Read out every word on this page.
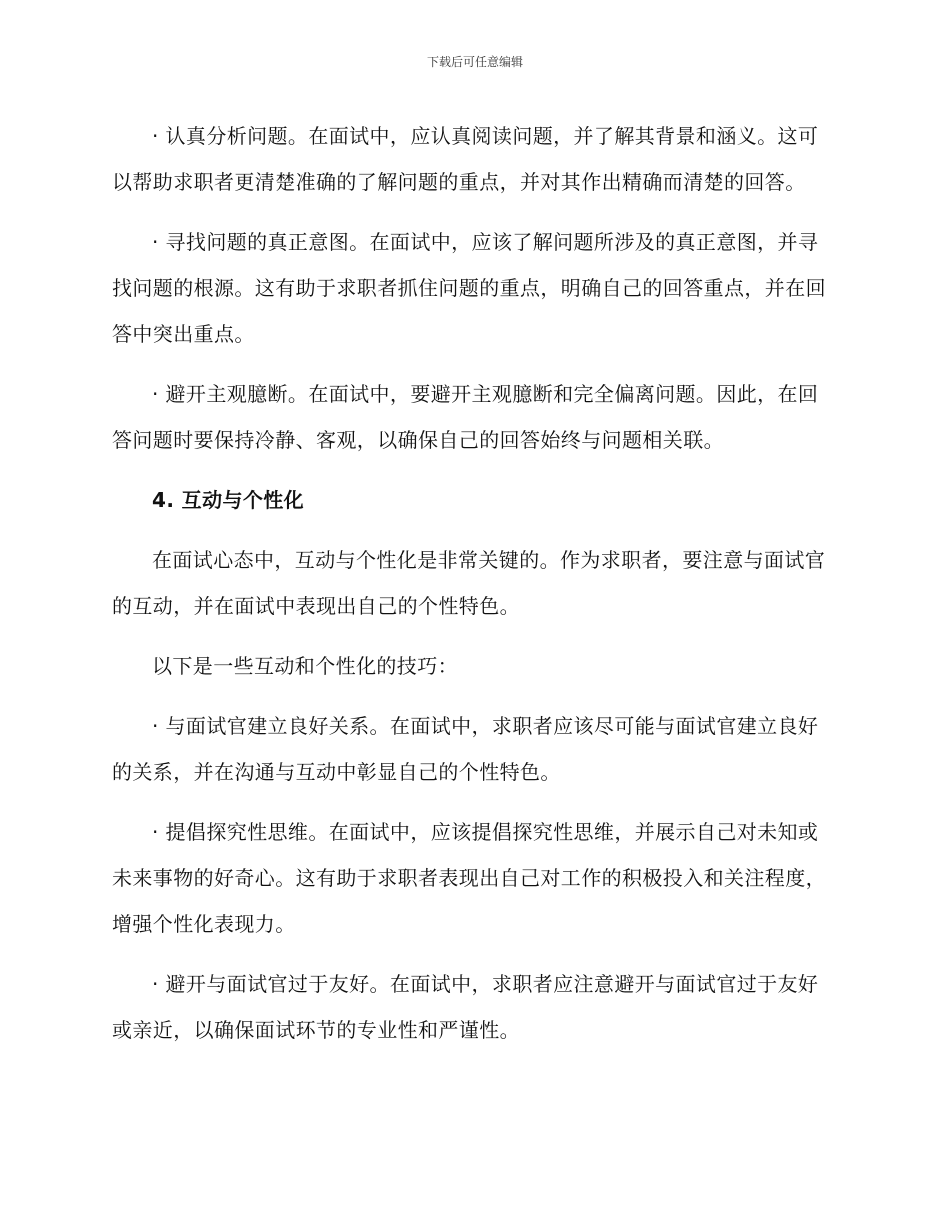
下载后可任意编辑

· 认真分析问题。在面试中，应认真阅读问题，并了解其背景和涵义。这可以帮助求职者更清楚准确的了解问题的重点，并对其作出精确而清楚的回答。

· 寻找问题的真正意图。在面试中，应该了解问题所涉及的真正意图，并寻找问题的根源。这有助于求职者抓住问题的重点，明确自己的回答重点，并在回答中突出重点。

· 避开主观臆断。在面试中，要避开主观臆断和完全偏离问题。因此，在回答问题时要保持冷静、客观，以确保自己的回答始终与问题相关联。

4. 互动与个性化

在面试心态中，互动与个性化是非常关键的。作为求职者，要注意与面试官的互动，并在面试中表现出自己的个性特色。

以下是一些互动和个性化的技巧：

· 与面试官建立良好关系。在面试中，求职者应该尽可能与面试官建立良好的关系，并在沟通与互动中彰显自己的个性特色。

· 提倡探究性思维。在面试中，应该提倡探究性思维，并展示自己对未知或未来事物的好奇心。这有助于求职者表现出自己对工作的积极投入和关注程度，增强个性化表现力。

· 避开与面试官过于友好。在面试中，求职者应注意避开与面试官过于友好或亲近，以确保面试环节的专业性和严谨性。
